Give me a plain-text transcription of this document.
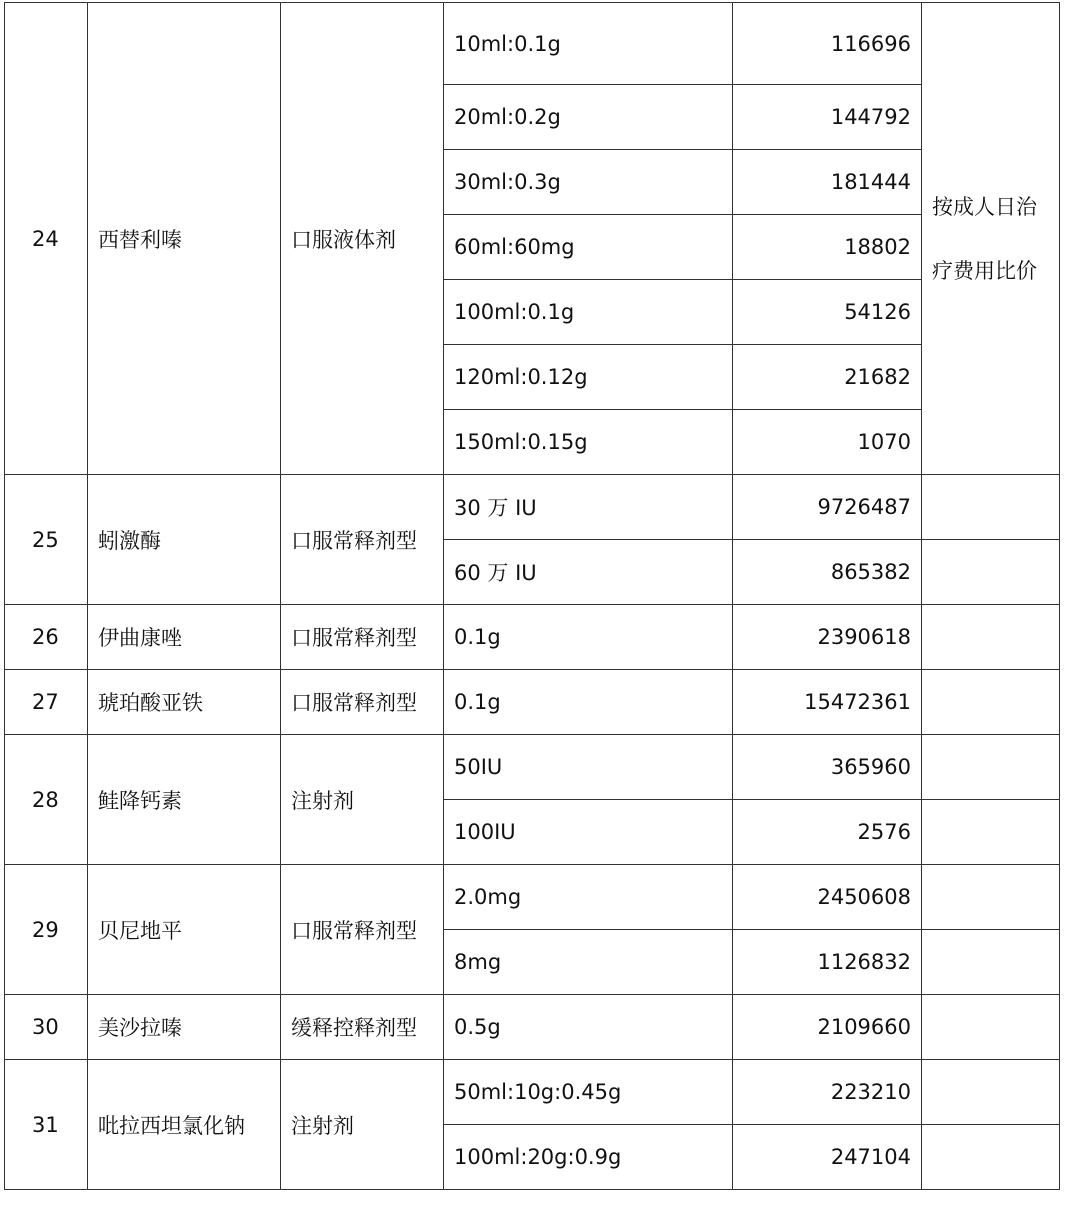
24	西替利嗪	口服液体剂	10ml:0.1g	116696	按成人日治疗费用比价
			20ml:0.2g	144792	
			30ml:0.3g	181444	
			60ml:60mg	18802	
			100ml:0.1g	54126	
			120ml:0.12g	21682	
			150ml:0.15g	1070	
25	蚓激酶	口服常释剂型	30 万 IU	9726487	
			60 万 IU	865382	
26	伊曲康唑	口服常释剂型	0.1g	2390618	
27	琥珀酸亚铁	口服常释剂型	0.1g	15472361	
28	鲑降钙素	注射剂	50IU	365960	
			100IU	2576	
29	贝尼地平	口服常释剂型	2.0mg	2450608	
			8mg	1126832	
30	美沙拉嗪	缓释控释剂型	0.5g	2109660	
31	吡拉西坦氯化钠	注射剂	50ml:10g:0.45g	223210	
			100ml:20g:0.9g	247104	
